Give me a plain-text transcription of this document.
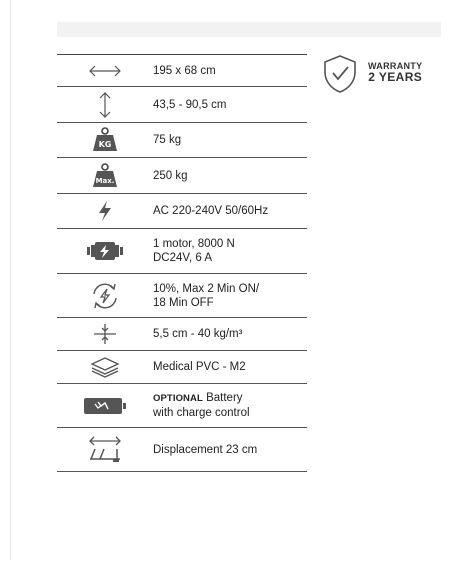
195 x 68 cm
43,5 - 90,5 cm
KG	75 kg
Max.	250 kg
AC 220-240V 50/60Hz
1 motor, 8000 N
DC24V, 6 A
10%, Max 2 Min ON/
18 Min OFF
5,5 cm - 40 kg/m³
Medical PVC - M2
OPTIONAL Battery
with charge control
Displacement 23 cm
WARRANTY
2 YEARS
